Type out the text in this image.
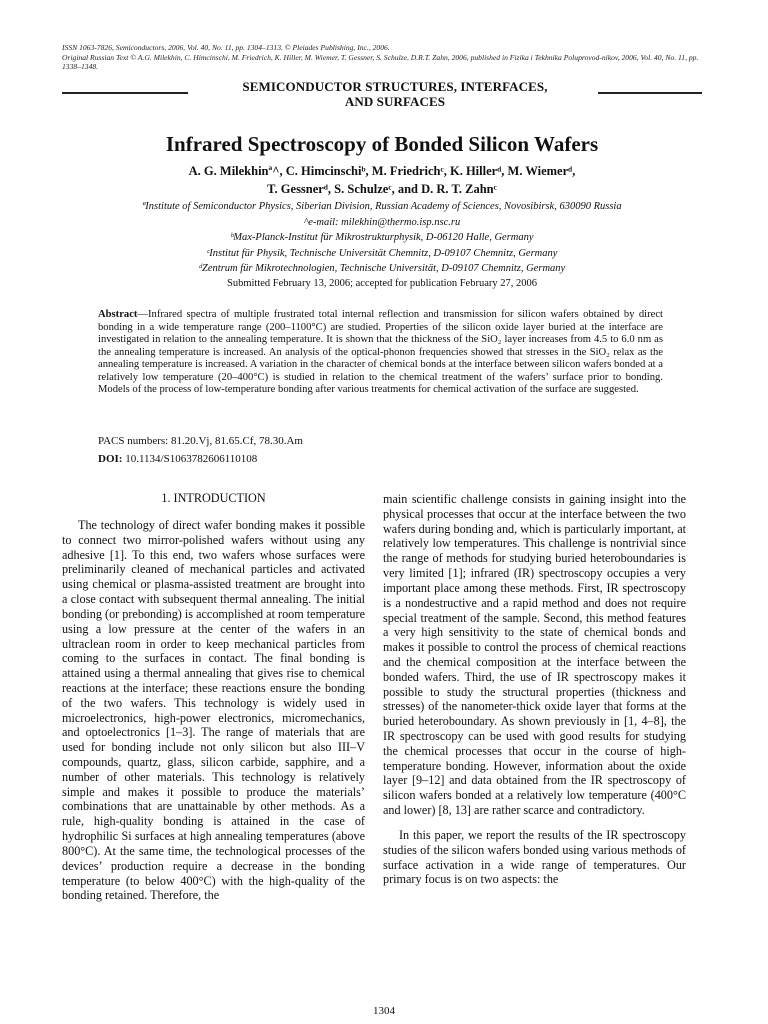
ISSN 1063-7826, Semiconductors, 2006, Vol. 40, No. 11, pp. 1304–1313. © Pleiades Publishing, Inc., 2006.
Original Russian Text © A.G. Milekhin, C. Himcinschi, M. Friedrich, K. Hiller, M. Wiemer, T. Gessner, S. Schulze, D.R.T. Zahn, 2006, published in Fizika i Tekhnika Poluprovod-nikov, 2006, Vol. 40, No. 11, pp. 1338–1348.
SEMICONDUCTOR STRUCTURES, INTERFACES,
AND SURFACES
Infrared Spectroscopy of Bonded Silicon Wafers
A. G. Milekhinª^, C. Himcinschiᵇ, M. Friedrichᶜ, K. Hillerᵈ, M. Wiemerᵈ,
T. Gessnerᵈ, S. Schulzeᶜ, and D. R. T. Zahnᶜ
ªInstitute of Semiconductor Physics, Siberian Division, Russian Academy of Sciences, Novosibirsk, 630090 Russia
^e-mail: milekhin@thermo.isp.nsc.ru
ᵇMax-Planck-Institut für Mikrostrukturphysik, D-06120 Halle, Germany
ᶜInstitut für Physik, Technische Universität Chemnitz, D-09107 Chemnitz, Germany
ᵈZentrum für Mikrotechnologien, Technische Universität, D-09107 Chemnitz, Germany
Submitted February 13, 2006; accepted for publication February 27, 2006
Abstract—Infrared spectra of multiple frustrated total internal reflection and transmission for silicon wafers obtained by direct bonding in a wide temperature range (200–1100°C) are studied. Properties of the silicon oxide layer buried at the interface are investigated in relation to the annealing temperature. It is shown that the thickness of the SiO₂ layer increases from 4.5 to 6.0 nm as the annealing temperature is increased. An analysis of the optical-phonon frequencies showed that stresses in the SiO₂ relax as the annealing temperature is increased. A variation in the character of chemical bonds at the interface between silicon wafers bonded at a relatively low temperature (20–400°C) is studied in relation to the chemical treatment of the wafers’ surface prior to bonding. Models of the process of low-temperature bonding after various treatments for chemical activation of the surface are suggested.
PACS numbers: 81.20.Vj, 81.65.Cf, 78.30.Am
DOI: 10.1134/S1063782606110108
1. INTRODUCTION

The technology of direct wafer bonding makes it possible to connect two mirror-polished wafers without using any adhesive [1]. To this end, two wafers whose surfaces were preliminarily cleaned of mechanical particles and activated using chemical or plasma-assisted treatment are brought into a close contact with subsequent thermal annealing. The initial bonding (or prebonding) is accomplished at room temperature using a low pressure at the center of the wafers in an ultraclean room in order to keep mechanical particles from coming to the surfaces in contact. The final bonding is attained using a thermal annealing that gives rise to chemical reactions at the interface; these reactions ensure the bonding of the two wafers. This technology is widely used in microelectronics, high-power electronics, micromechanics, and optoelectronics [1–3]. The range of materials that are used for bonding include not only silicon but also III–V compounds, quartz, glass, silicon carbide, sapphire, and a number of other materials. This technology is relatively simple and makes it possible to produce the materials’ combinations that are unattainable by other methods. As a rule, high-quality bonding is attained in the case of hydrophilic Si surfaces at high annealing temperatures (above 800°C). At the same time, the technological processes of the devices’ production require a decrease in the bonding temperature (to below 400°C) with the high-quality of the bonding retained. Therefore, the

main scientific challenge consists in gaining insight into the physical processes that occur at the interface between the two wafers during bonding and, which is particularly important, at relatively low temperatures. This challenge is nontrivial since the range of methods for studying buried heteroboundaries is very limited [1]; infrared (IR) spectroscopy occupies a very important place among these methods. First, IR spectroscopy is a nondestructive and a rapid method and does not require special treatment of the sample. Second, this method features a very high sensitivity to the state of chemical bonds and makes it possible to control the process of chemical reactions and the chemical composition at the interface between the bonded wafers. Third, the use of IR spectroscopy makes it possible to study the structural properties (thickness and stresses) of the nanometer-thick oxide layer that forms at the buried heteroboundary. As shown previously in [1, 4–8], the IR spectroscopy can be used with good results for studying the chemical processes that occur in the course of high-temperature bonding. However, information about the oxide layer [9–12] and data obtained from the IR spectroscopy of silicon wafers bonded at a relatively low temperature (400°C and lower) [8, 13] are rather scarce and contradictory.

In this paper, we report the results of the IR spectroscopy studies of the silicon wafers bonded using various methods of surface activation in a wide range of temperatures. Our primary focus is on two aspects: the

1304
